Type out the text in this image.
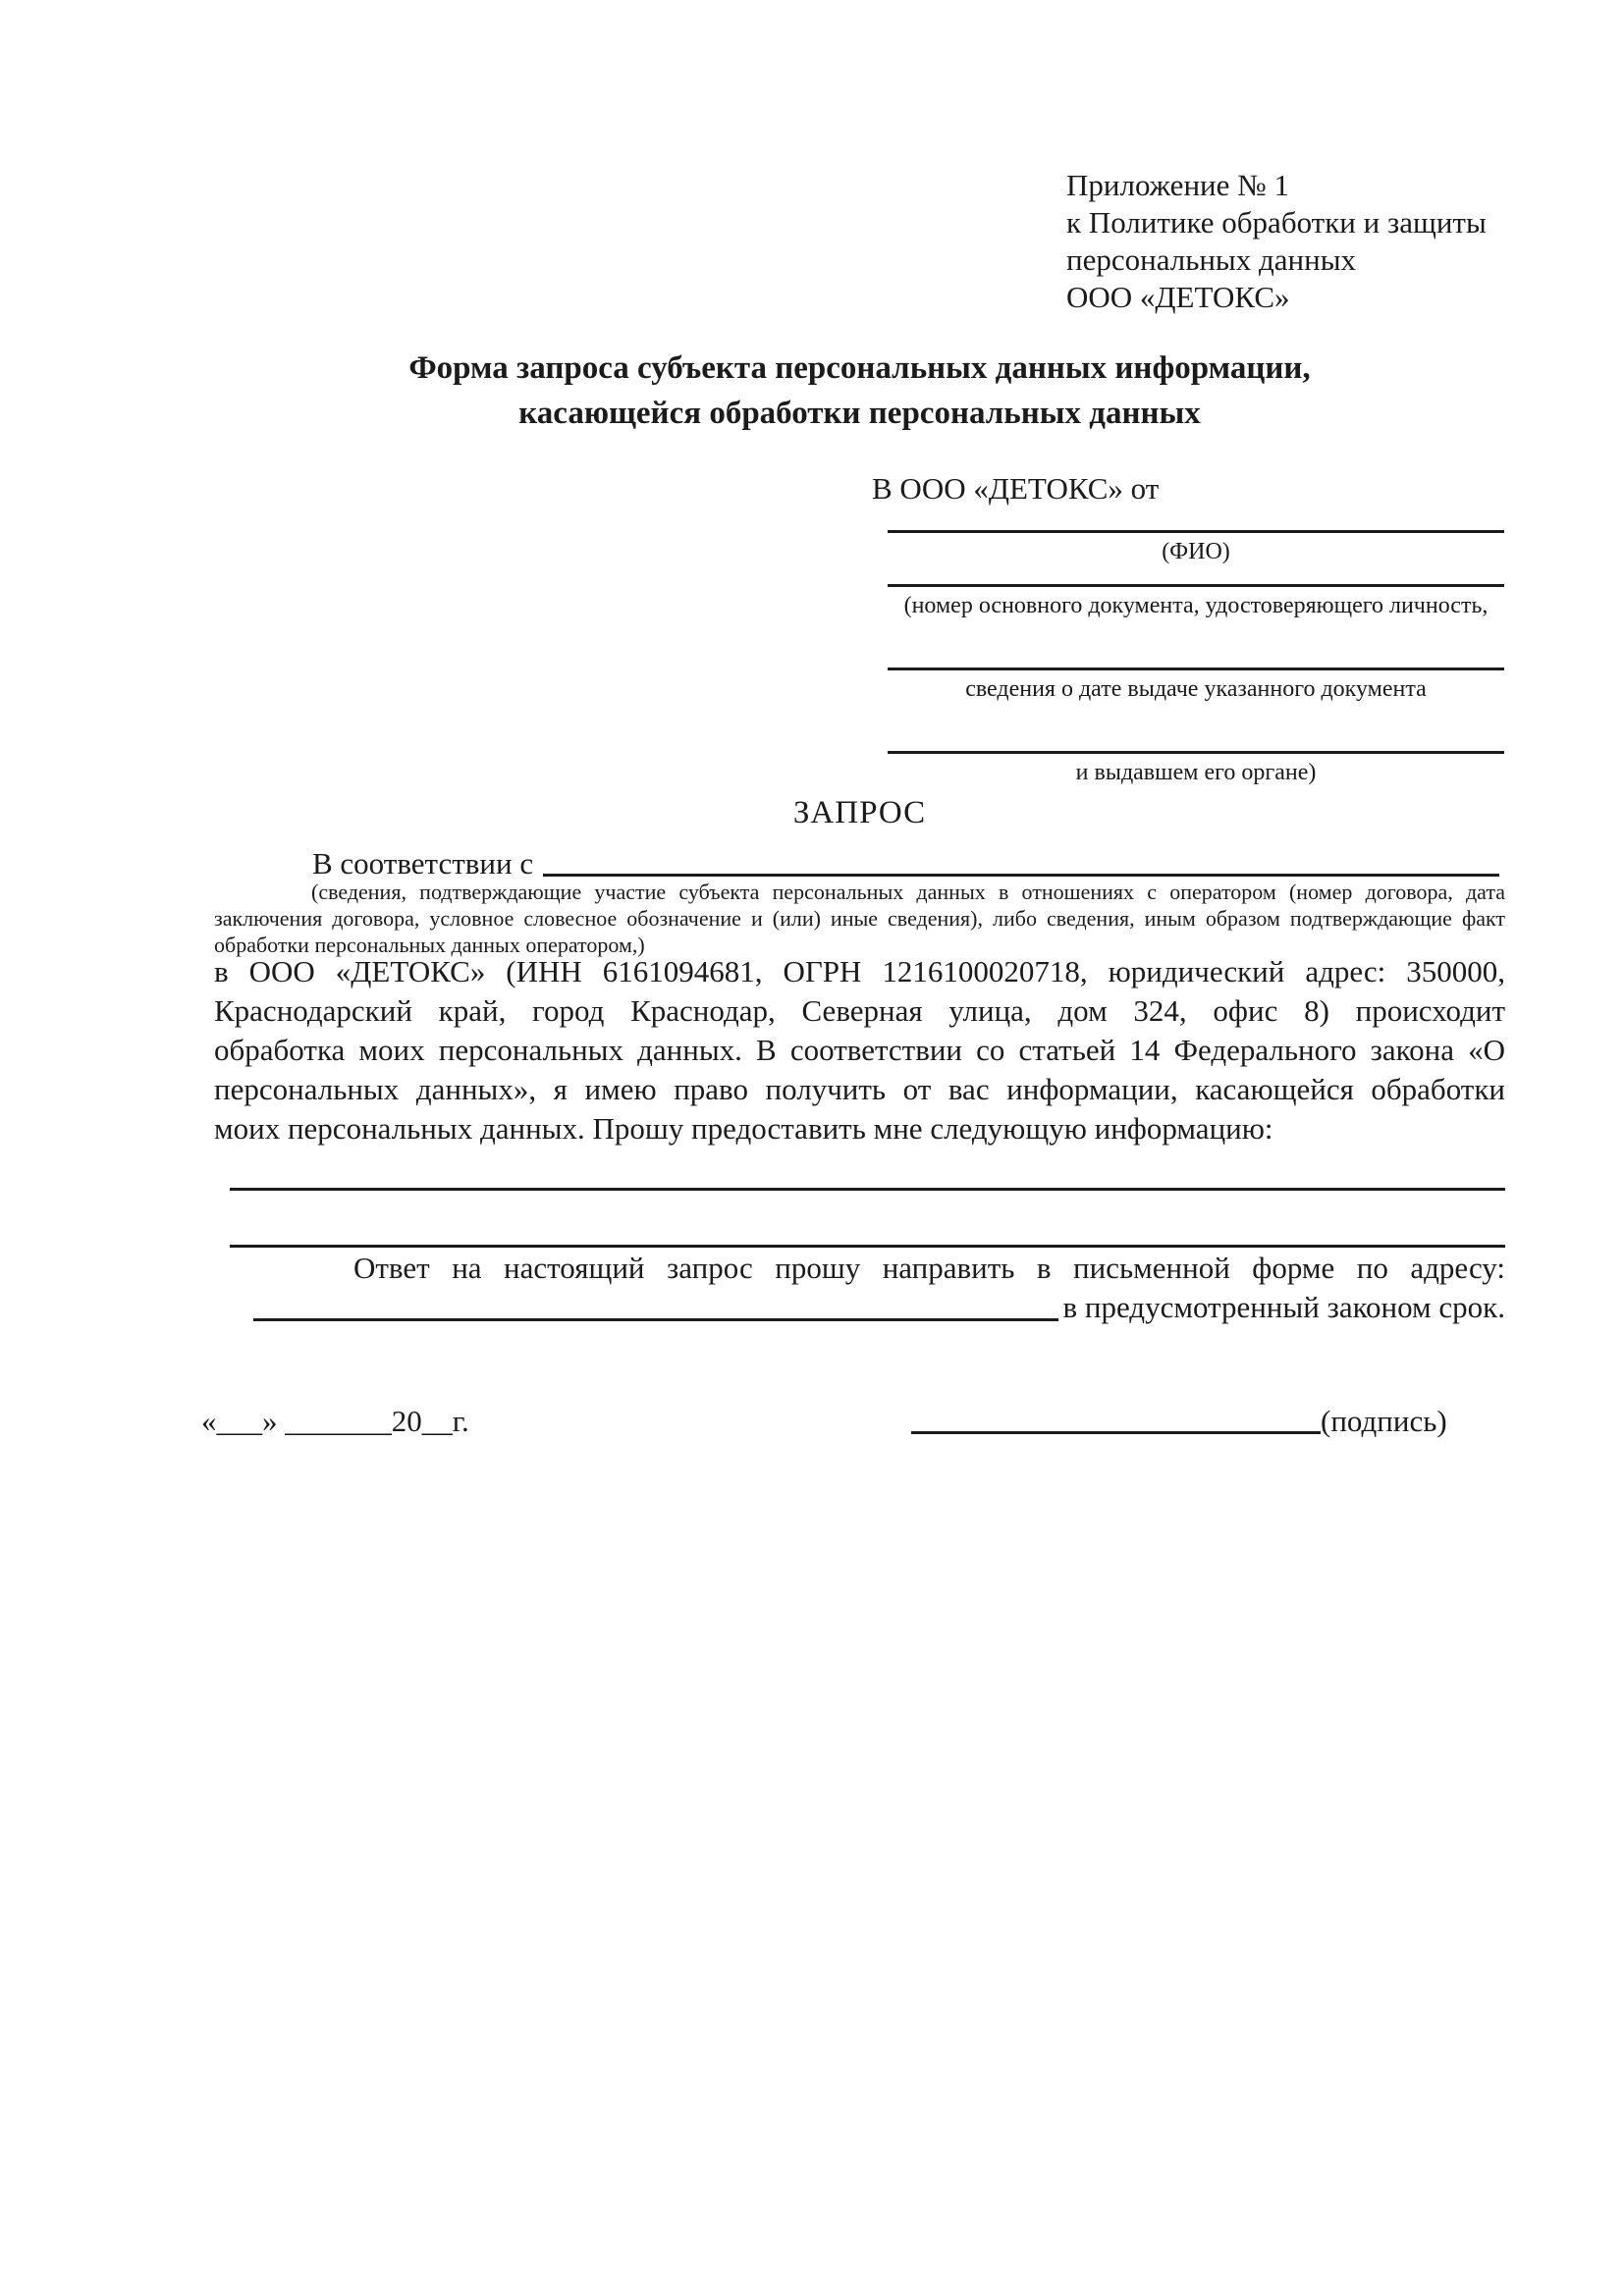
Приложение № 1
к Политике обработки и защиты
персональных данных
ООО «ДЕТОКС»
Форма запроса субъекта персональных данных информации,
касающейся обработки персональных данных
В ООО «ДЕТОКС» от
(ФИО)
(номер основного документа, удостоверяющего личность,
сведения о дате выдаче указанного документа
и выдавшем его органе)
ЗАПРОС
В соответствии с
(сведения, подтверждающие участие субъекта персональных данных в отношениях с оператором (номер договора, дата
заключения договора, условное словесное обозначение и (или) иные сведения), либо сведения, иным образом подтверждающие факт
обработки персональных данных оператором,)
в ООО «ДЕТОКС» (ИНН 6161094681, ОГРН 1216100020718, юридический адрес: 350000,
Краснодарский край, город Краснодар, Северная улица, дом 324, офис 8) происходит
обработка моих персональных данных. В соответствии со статьей 14 Федерального закона «О
персональных данных», я имею право получить от вас информации, касающейся обработки
моих персональных данных. Прошу предоставить мне следующую информацию:
Ответ на настоящий запрос прошу направить в письменной форме по адресу:
в предусмотренный законом срок.
«___» _______20__г.	(подпись)
